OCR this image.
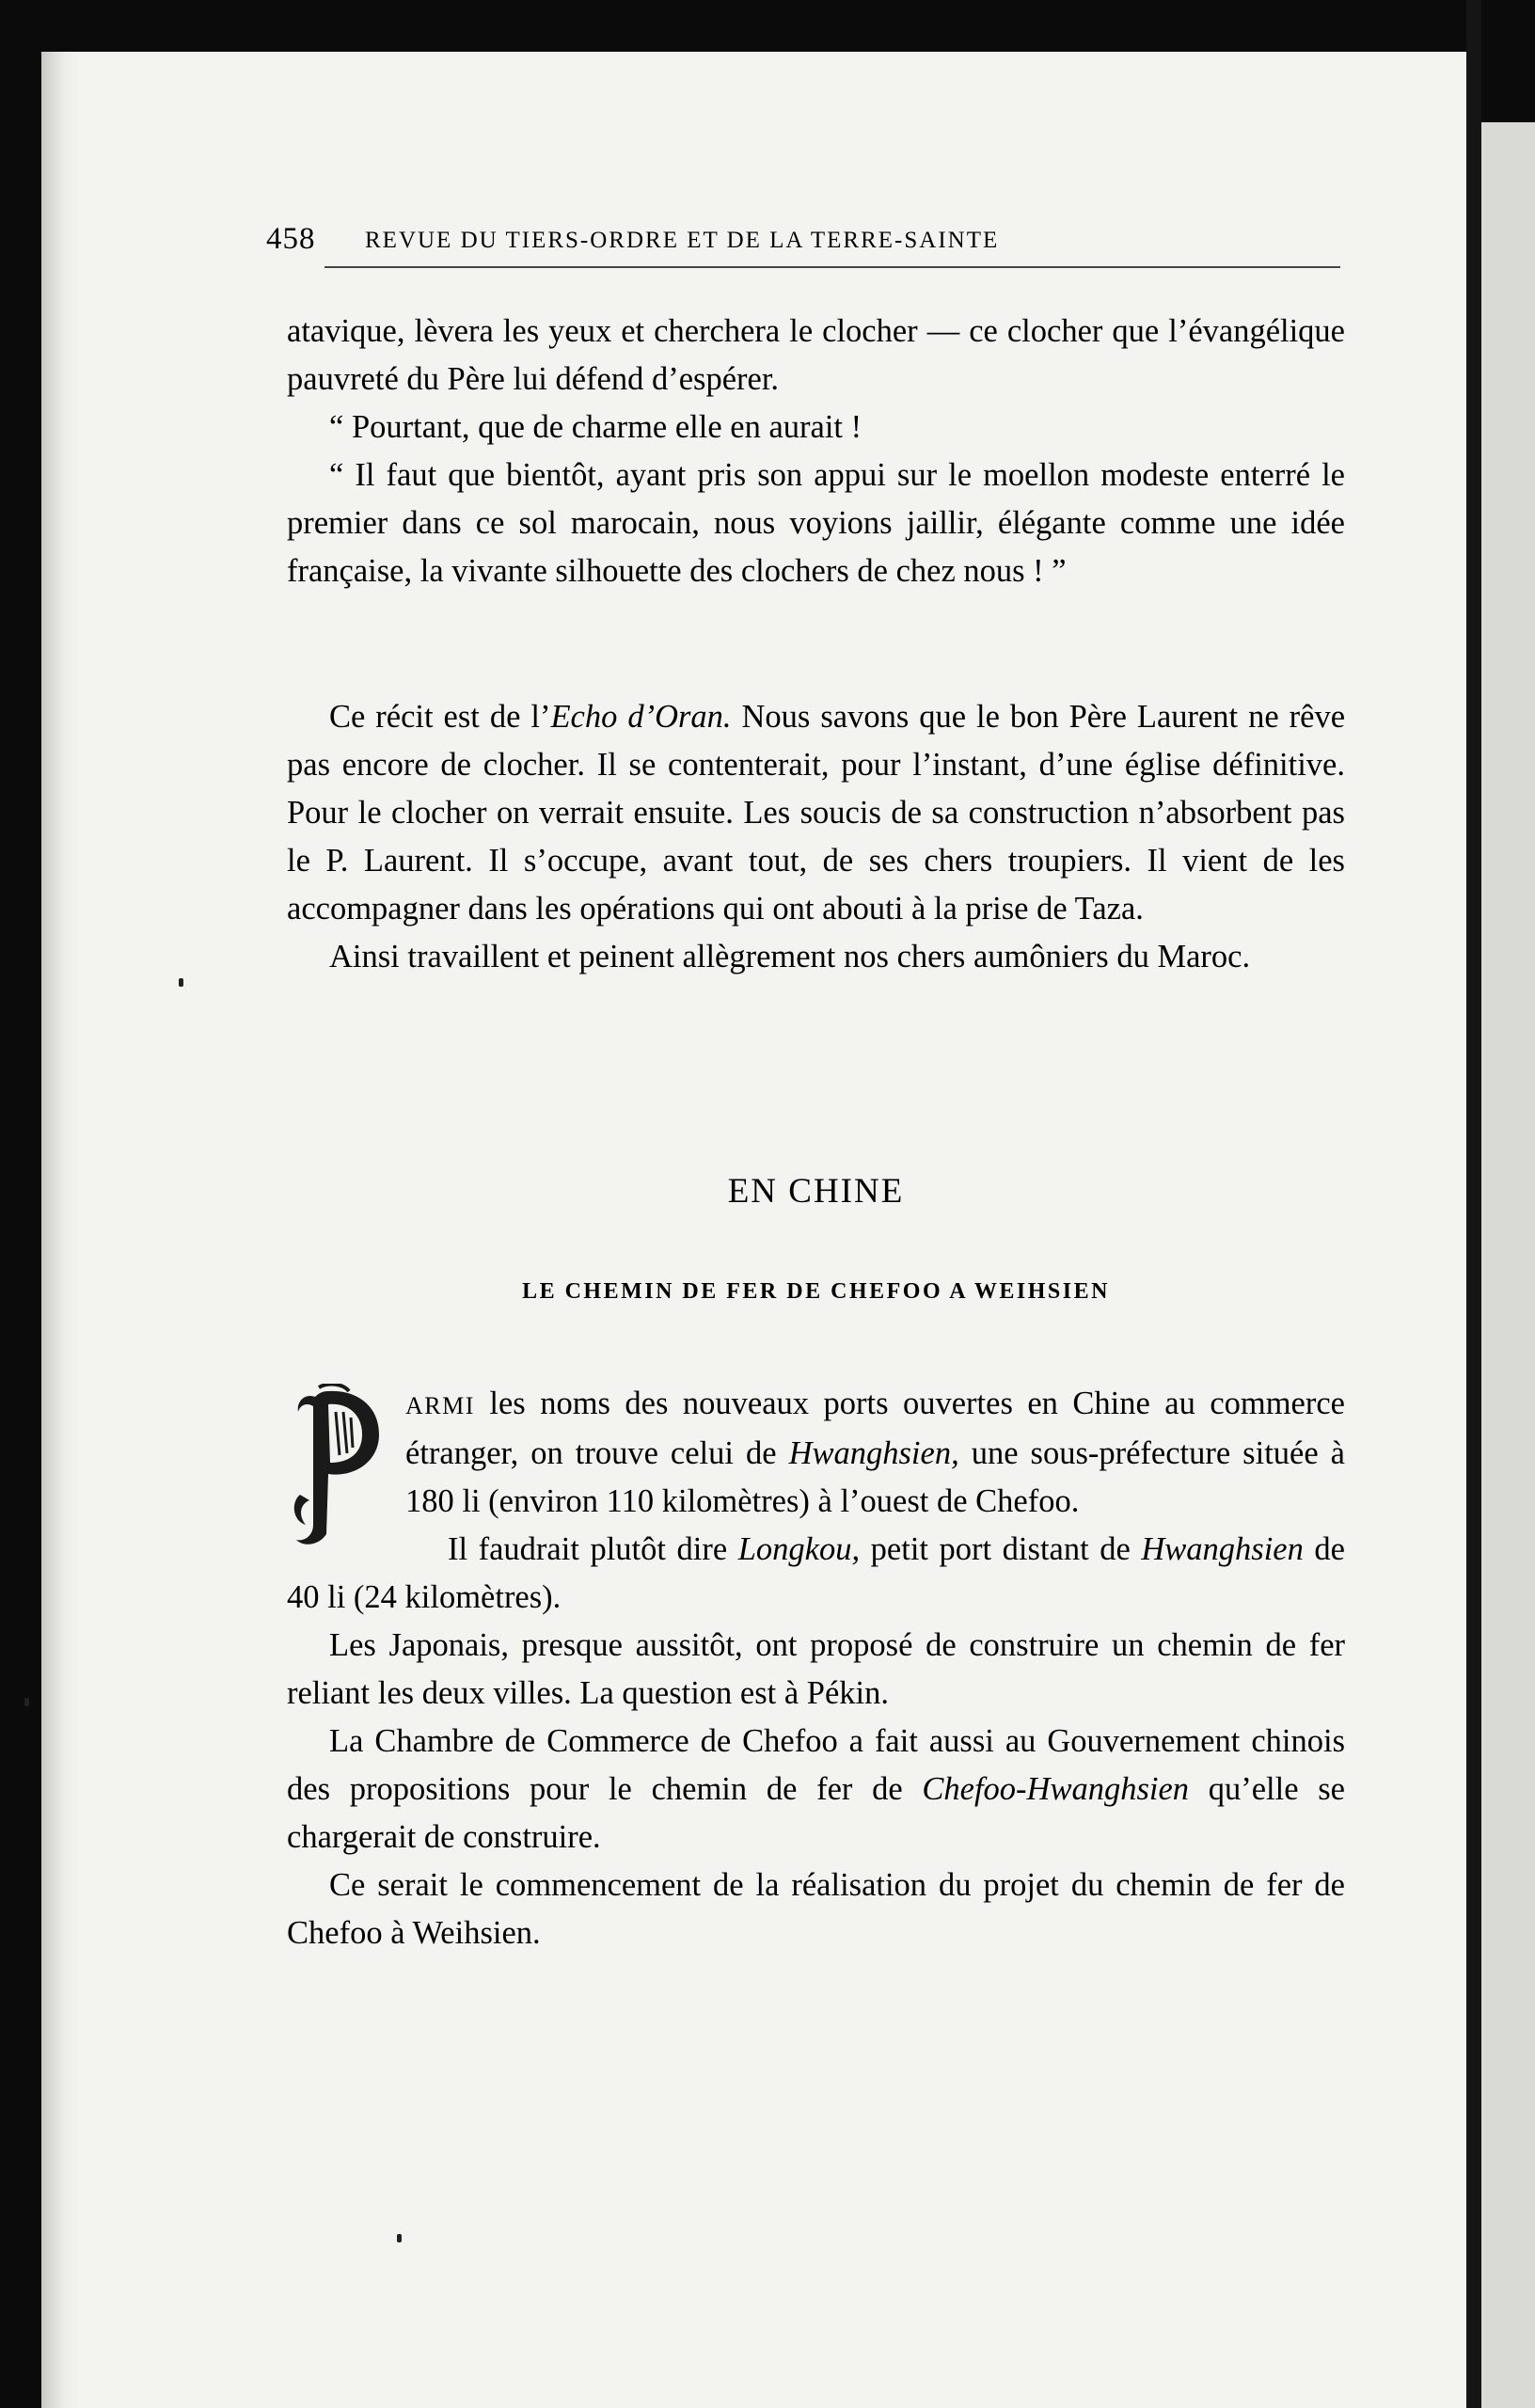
458 REVUE DU TIERS-ORDRE ET DE LA TERRE-SAINTE

atavique, lèvera les yeux et cherchera le clocher — ce clocher que l’évangélique pauvreté du Père lui défend d’espérer.

“ Pourtant, que de charme elle en aurait !

“ Il faut que bientôt, ayant pris son appui sur le moellon modeste enterré le premier dans ce sol marocain, nous voyions jaillir, élégante comme une idée française, la vivante silhouette des clochers de chez nous ! ”

Ce récit est de l’Echo d’Oran. Nous savons que le bon Père Laurent ne rêve pas encore de clocher. Il se contenterait, pour l’instant, d’une église définitive. Pour le clocher on verrait ensuite. Les soucis de sa construction n’absorbent pas le P. Laurent. Il s’occupe, avant tout, de ses chers troupiers. Il vient de les accompagner dans les opérations qui ont abouti à la prise de Taza.

Ainsi travaillent et peinent allègrement nos chers aumôniers du Maroc.

EN CHINE
LE CHEMIN DE FER DE CHEFOO A WEIHSIEN

ARMI les noms des nouveaux ports ouvertes en Chine au commerce étranger, on trouve celui de Hwanghsien, une sous-préfecture située à 180 li (environ 110 kilomètres) à l’ouest de Chefoo.

Il faudrait plutôt dire Longkou, petit port distant de Hwanghsien de 40 li (24 kilomètres).

Les Japonais, presque aussitôt, ont proposé de construire un chemin de fer reliant les deux villes. La question est à Pékin.

La Chambre de Commerce de Chefoo a fait aussi au Gouvernement chinois des propositions pour le chemin de fer de Chefoo-Hwanghsien qu’elle se chargerait de construire.

Ce serait le commencement de la réalisation du projet du chemin de fer de Chefoo à Weihsien.
